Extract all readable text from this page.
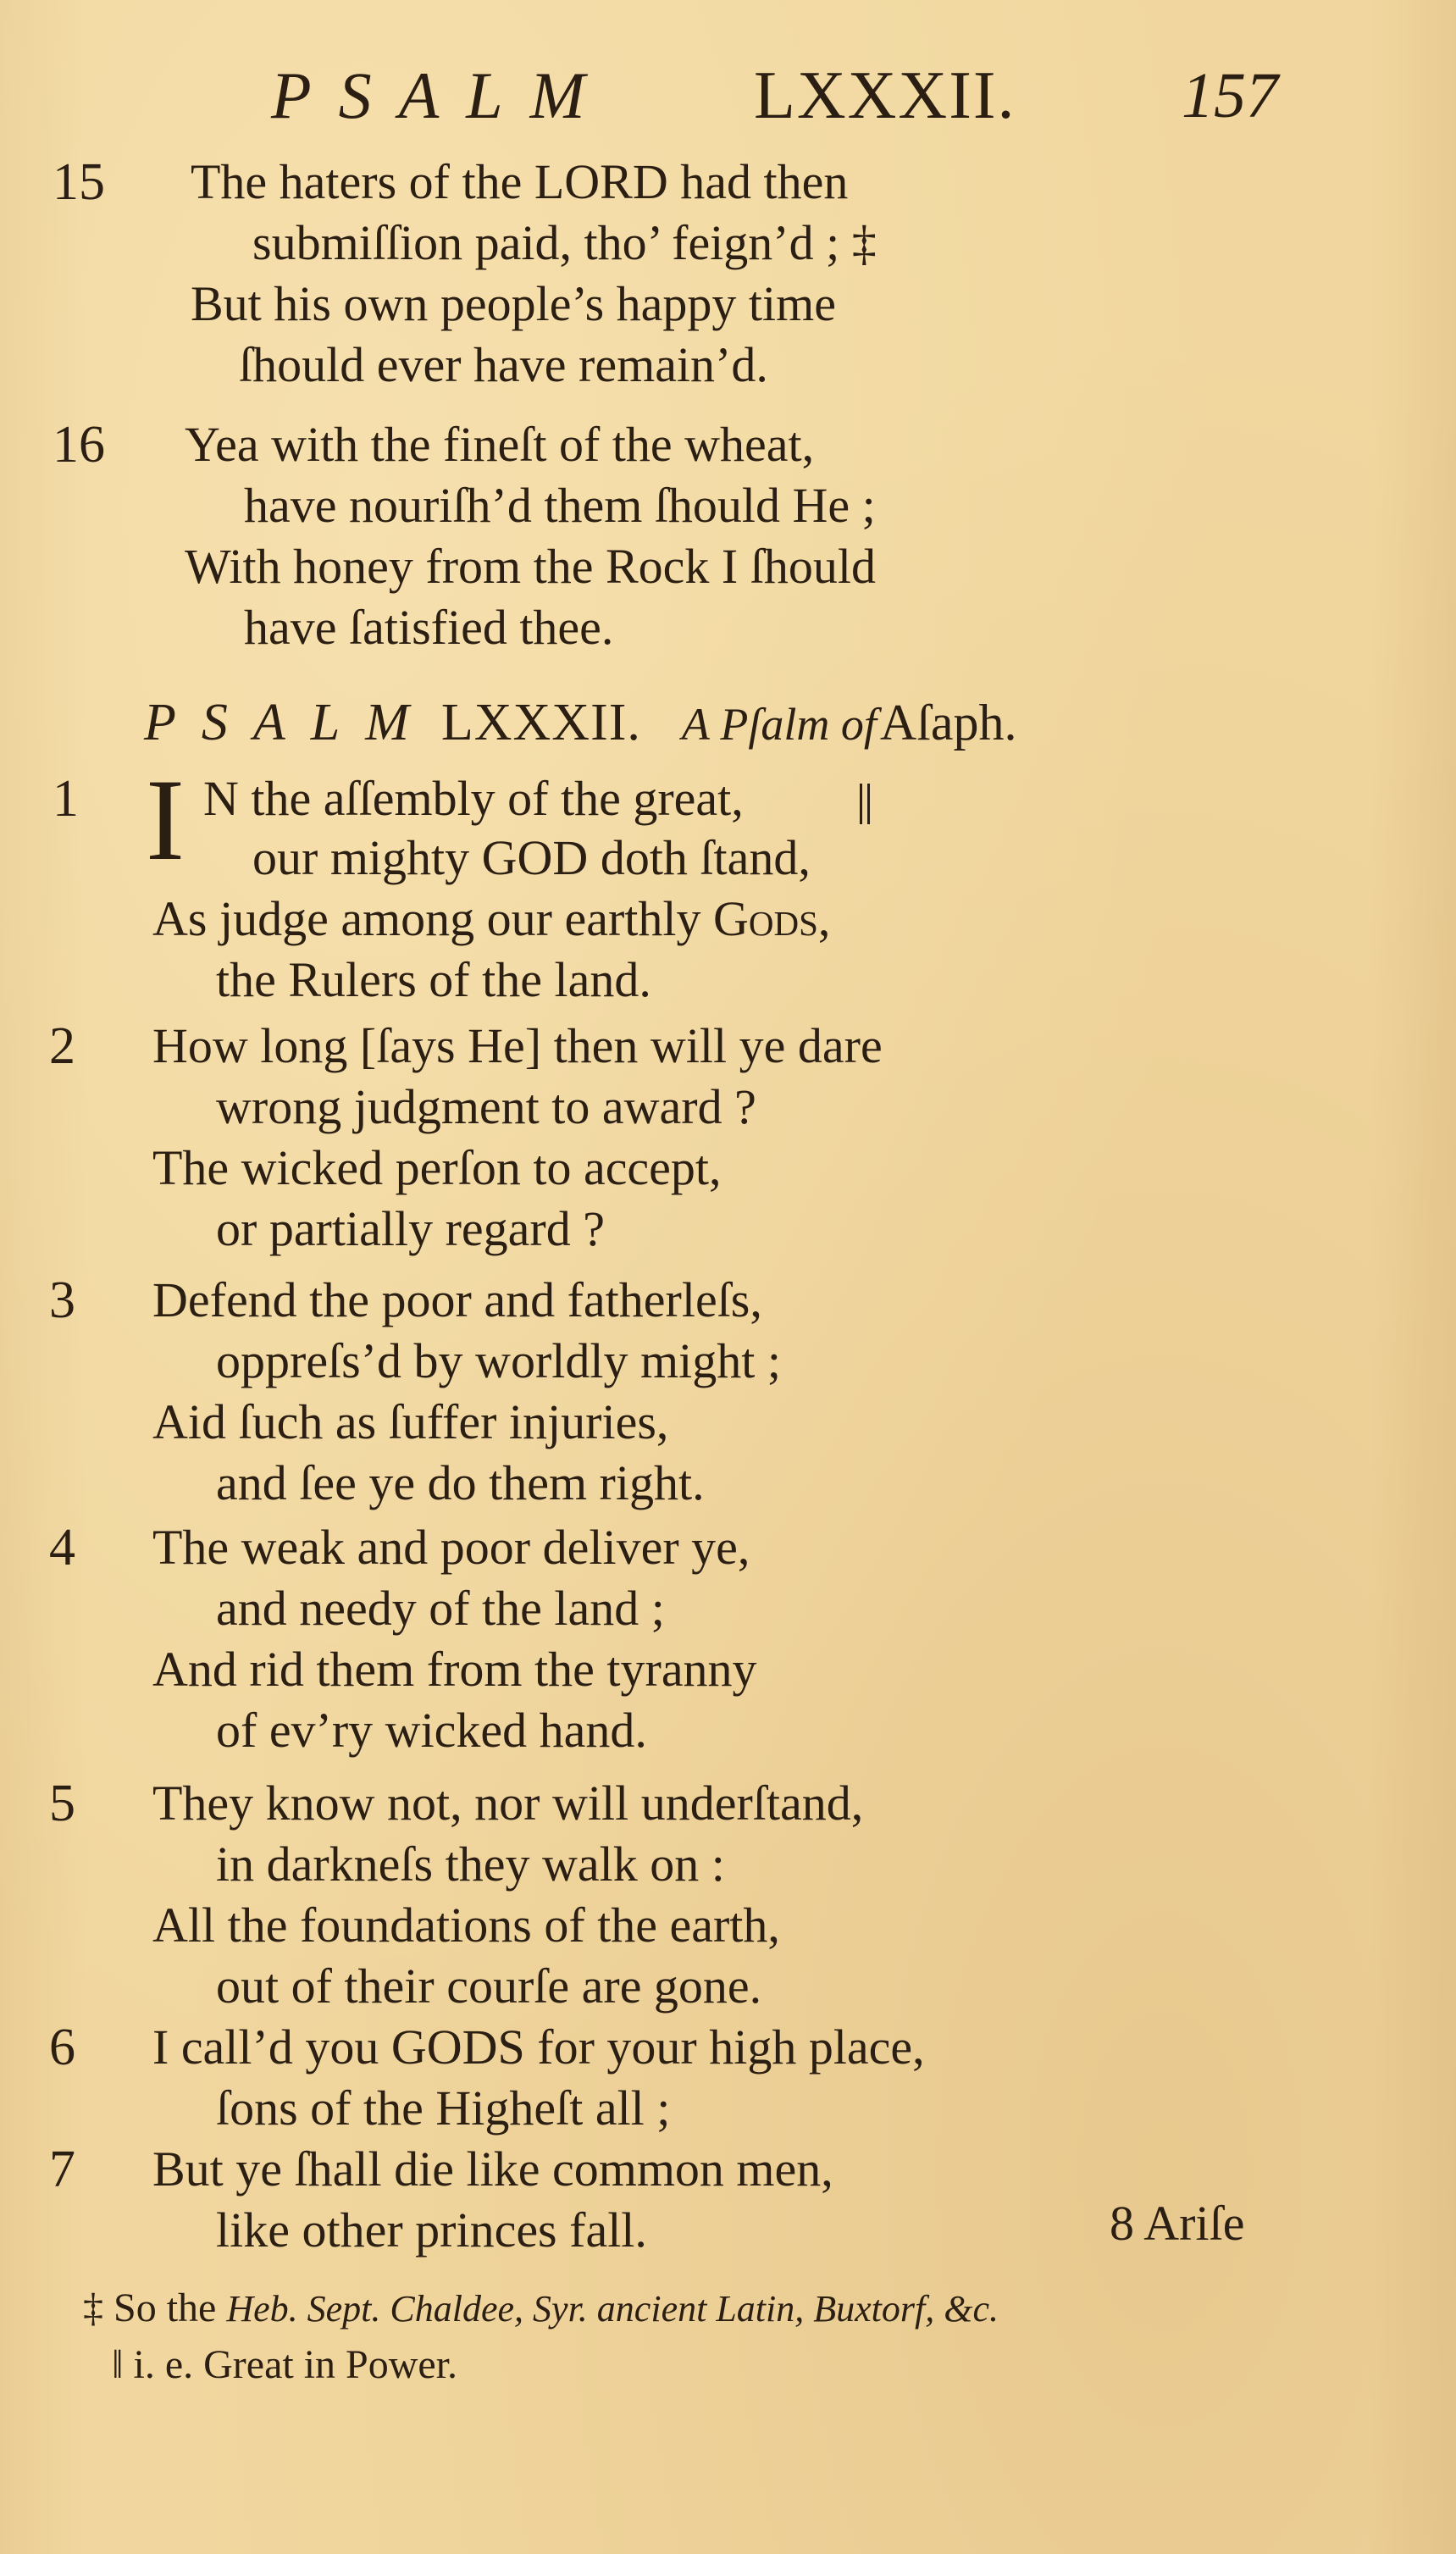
PSALM LXXXII.	157
15 The haters of the LORD had then
submiſſion paid, tho’ feign’d ; ‡
But his own people’s happy time
ſhould ever have remain’d.
16 Yea with the fineſt of the wheat,
have nouriſh’d them ſhould He ;
With honey from the Rock I ſhould
have ſatisfied thee.
PSALM LXXXII. A Pſalm of Aſaph.
1 I N the aſſembly of the great,
our mighty GOD doth ſtand,
As judge among our earthly Gods,
the Rulers of the land.
2 How long [ſays He] then will ye dare
wrong judgment to award ?
The wicked perſon to accept,
or partially regard ?
3 Defend the poor and fatherleſs,
oppreſs’d by worldly might ;
Aid ſuch as ſuffer injuries,
and ſee ye do them right.
4 The weak and poor deliver ye,
and needy of the land ;
And rid them from the tyranny
of ev’ry wicked hand.
5 They know not, nor will underſtand,
in darkneſs they walk on :
All the foundations of the earth,
out of their courſe are gone.
6 I call’d you GODS for your high place,
ſons of the Higheſt all ;
7 But ye ſhall die like common men,
like other princes fall.	8 Ariſe
‡ So the Heb. Sept. Chaldee, Syr. ancient Latin, Buxtorf, &c.
‖ i. e. Great in Power.
